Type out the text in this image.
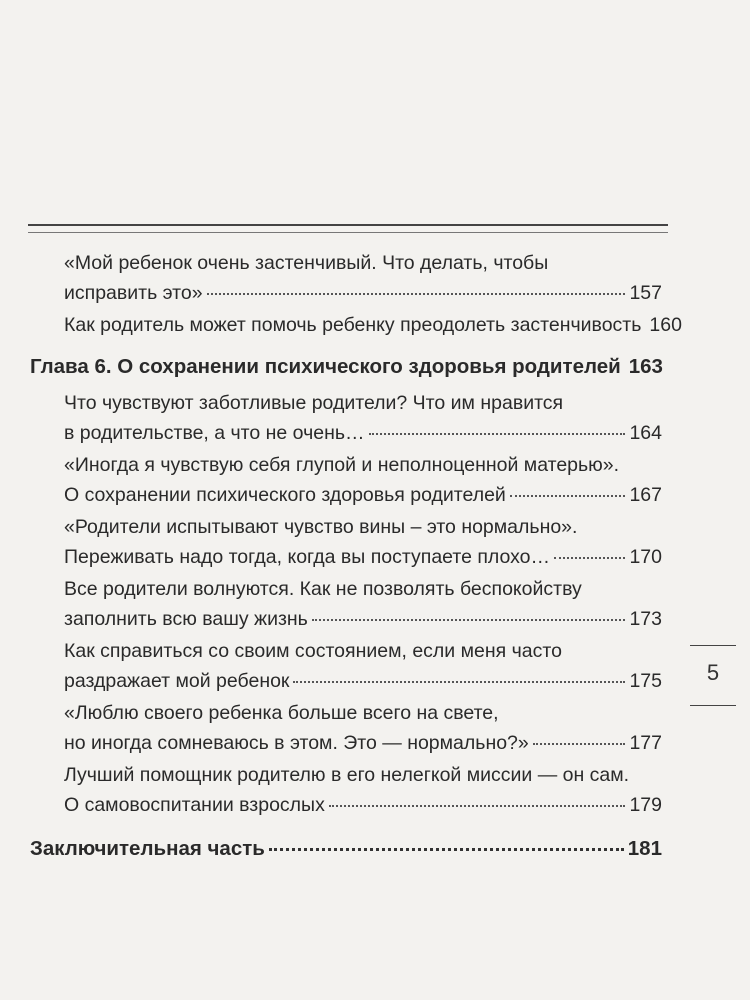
«Мой ребенок очень застенчивый. Что делать, чтобы
исправить это»	157
Как родитель может помочь ребенку преодолеть застенчивость 160
Глава 6. О сохранении психического здоровья родителей 163
Что чувствуют заботливые родители? Что им нравится
в родительстве, а что не очень…	164
«Иногда я чувствую себя глупой и неполноценной матерью».
О сохранении психического здоровья родителей	167
«Родители испытывают чувство вины – это нормально».
Переживать надо тогда, когда вы поступаете плохо…	170
Все родители волнуются. Как не позволять беспокойству
заполнить всю вашу жизнь	173
Как справиться со своим состоянием, если меня часто
раздражает мой ребенок	175
«Люблю своего ребенка больше всего на свете,
но иногда сомневаюсь в этом. Это — нормально?»	177
Лучший помощник родителю в его нелегкой миссии — он сам.
О самовоспитании взрослых	179
Заключительная часть	181
5
